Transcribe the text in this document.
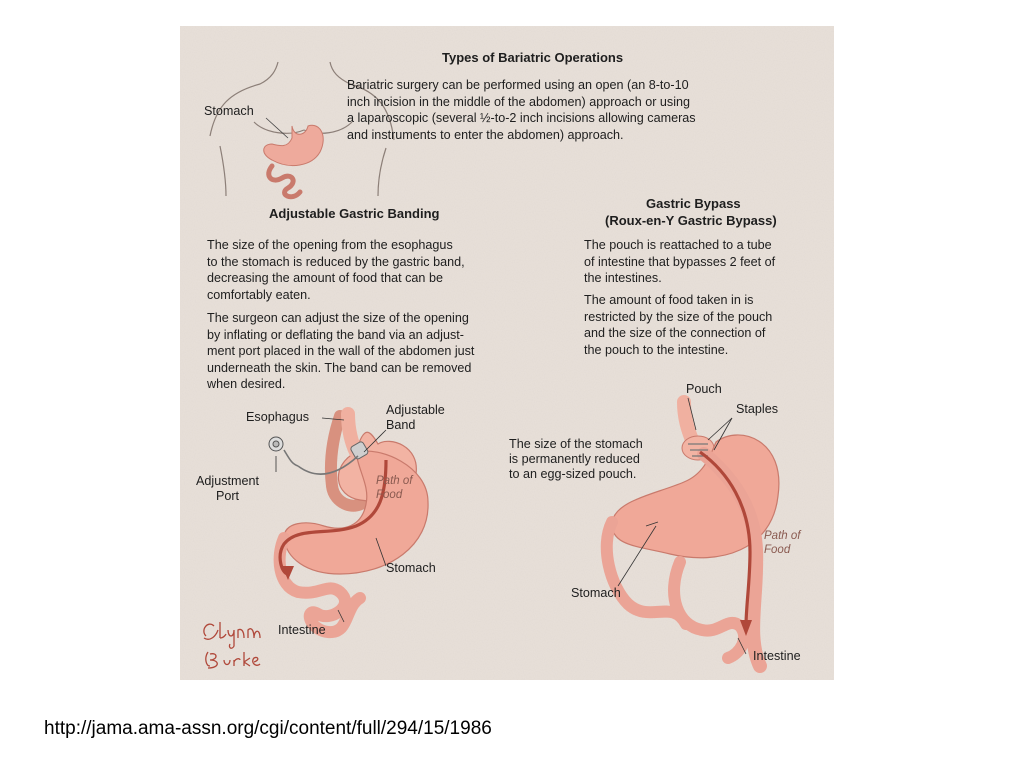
Types of Bariatric Operations
Bariatric surgery can be performed using an open (an 8-to-10
inch incision in the middle of the abdomen) approach or using
a laparoscopic (several ½-to-2 inch incisions allowing cameras
and instruments to enter the abdomen) approach.
Stomach
Adjustable Gastric Banding
The size of the opening from the esophagus
to the stomach is reduced by the gastric band,
decreasing the amount of food that can be
comfortably eaten.
The surgeon can adjust the size of the opening
by inflating or deflating the band via an adjust-
ment port placed in the wall of the abdomen just
underneath the skin. The band can be removed
when desired.
Gastric Bypass
(Roux-en-Y Gastric Bypass)
The pouch is reattached to a tube
of intestine that bypasses 2 feet of
the intestines.
The amount of food taken in is
restricted by the size of the pouch
and the size of the connection of
the pouch to the intestine.
Esophagus	Adjustable
Band
Adjustment
Port
Path of
Food
Stomach
Intestine
Pouch
Staples
The size of the stomach
is permanently reduced
to an egg-sized pouch.
Path of
Food
Stomach
Intestine
http://jama.ama-assn.org/cgi/content/full/294/15/1986
